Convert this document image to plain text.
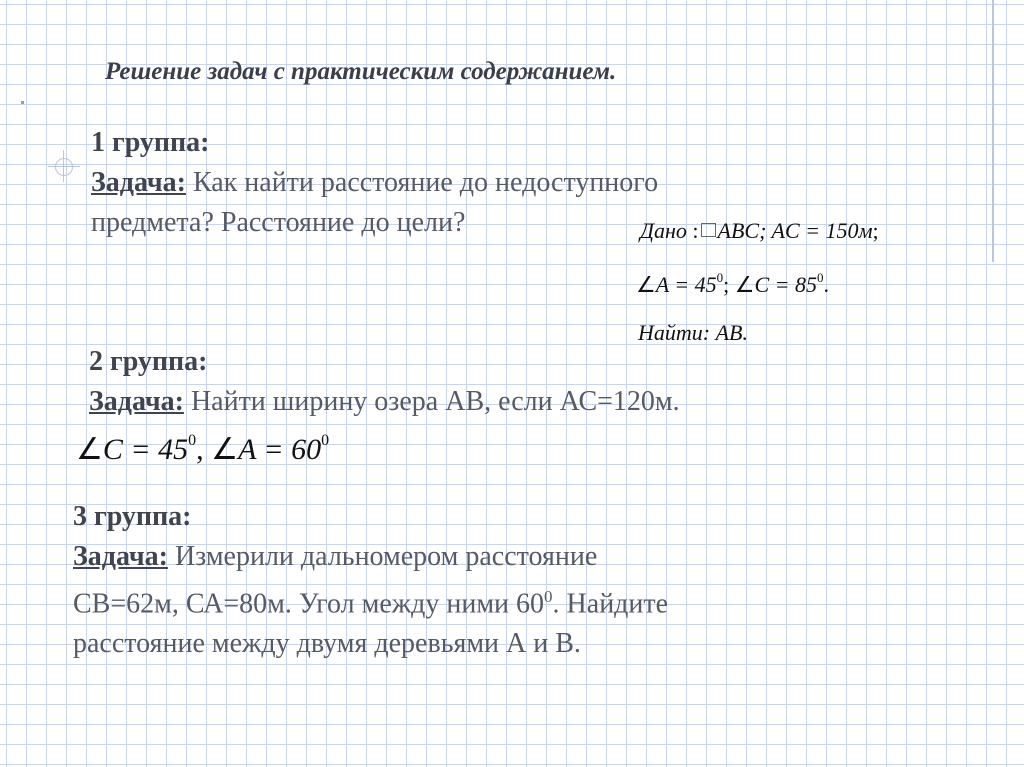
Решение задач с практическим содержанием.
1 группа:
Задача: Как найти расстояние до недоступного
предмета? Расстояние до цели?	Дано : ABC; AC = 150м;
∠A = $45^0$; ∠C = $85^0$.
Найти: AB.
2 группа:
Задача: Найти ширину озера АВ, если АС=120м.
∠C = $45^0$, ∠A = $60^0$
3 группа:
Задача: Измерили дальномером расстояние
СВ=62м, СА=80м. Угол между ними $60^0$. Найдите
расстояние между двумя деревьями А и В.
